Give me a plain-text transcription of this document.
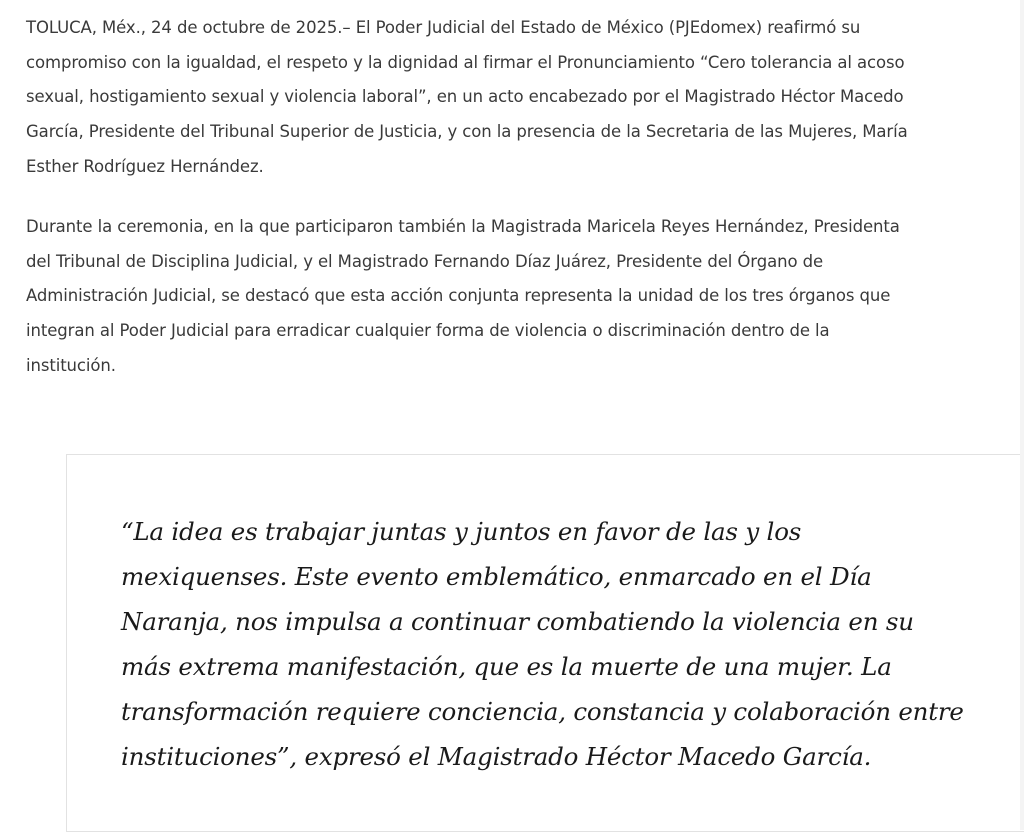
TOLUCA, Méx., 24 de octubre de 2025.– El Poder Judicial del Estado de México (PJEdomex) reafirmó su
compromiso con la igualdad, el respeto y la dignidad al firmar el Pronunciamiento “Cero tolerancia al acoso
sexual, hostigamiento sexual y violencia laboral”, en un acto encabezado por el Magistrado Héctor Macedo
García, Presidente del Tribunal Superior de Justicia, y con la presencia de la Secretaria de las Mujeres, María
Esther Rodríguez Hernández.

Durante la ceremonia, en la que participaron también la Magistrada Maricela Reyes Hernández, Presidenta
del Tribunal de Disciplina Judicial, y el Magistrado Fernando Díaz Juárez, Presidente del Órgano de
Administración Judicial, se destacó que esta acción conjunta representa la unidad de los tres órganos que
integran al Poder Judicial para erradicar cualquier forma de violencia o discriminación dentro de la
institución.

“La idea es trabajar juntas y juntos en favor de las y los
mexiquenses. Este evento emblemático, enmarcado en el Día
Naranja, nos impulsa a continuar combatiendo la violencia en su
más extrema manifestación, que es la muerte de una mujer. La
transformación requiere conciencia, constancia y colaboración entre
instituciones”, expresó el Magistrado Héctor Macedo García.
